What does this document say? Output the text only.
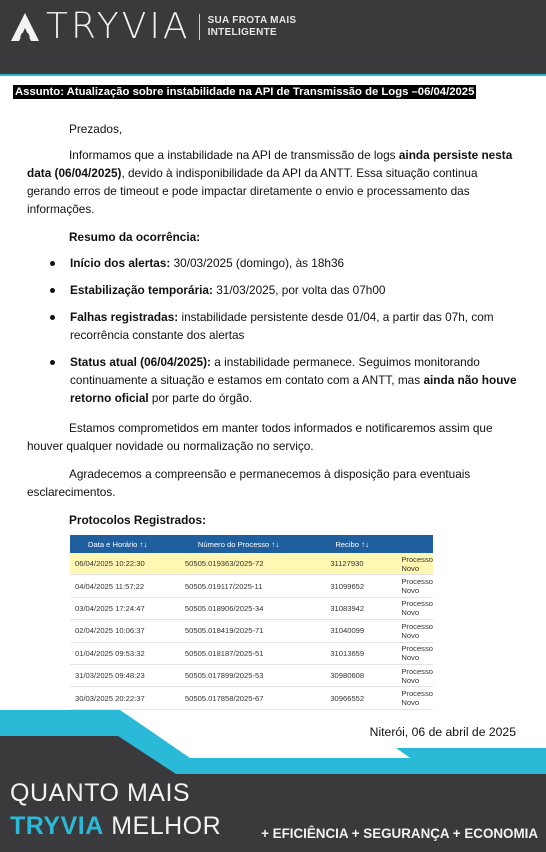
TRYVIA SUA FROTA MAIS
INTELIGENTE
Assunto: Atualização sobre instabilidade na API de Transmissão de Logs –06/04/2025
Prezados,
Informamos que a instabilidade na API de transmissão de logs ainda persiste nesta data (06/04/2025), devido à indisponibilidade da API da ANTT. Essa situação continua gerando erros de timeout e pode impactar diretamente o envio e processamento das informações.
Resumo da ocorrência:
Início dos alertas: 30/03/2025 (domingo), às 18h36
Estabilização temporária: 31/03/2025, por volta das 07h00
Falhas registradas: instabilidade persistente desde 01/04, a partir das 07h, com recorrência constante dos alertas
Status atual (06/04/2025): a instabilidade permanece. Seguimos monitorando continuamente a situação e estamos em contato com a ANTT, mas ainda não houve retorno oficial por parte do órgão.
Estamos comprometidos em manter todos informados e notificaremos assim que houver qualquer novidade ou normalização no serviço.
Agradecemos a compreensão e permanecemos à disposição para eventuais esclarecimentos.
Protocolos Registrados:
Data e Horário ↑↓	Número do Processo ↑↓	Recibo ↑↓	
06/04/2025 10:22:30	50505.019363/2025-72	31127930	Processo Novo
04/04/2025 11:57:22	50505.019117/2025-11	31099652	Processo Novo
03/04/2025 17:24:47	50505.018906/2025-34	31083942	Processo Novo
02/04/2025 10:06:37	50505.018419/2025-71	31040099	Processo Novo
01/04/2025 09:53:32	50505.018187/2025-51	31013659	Processo Novo
31/03/2025 09:48:23	50505.017899/2025-53	30980608	Processo Novo
30/03/2025 20:22:37	50505.017858/2025-67	30966552	Processo Novo
Niterói, 06 de abril de 2025
QUANTO MAIS
TRYVIA MELHOR	+ EFICIÊNCIA + SEGURANÇA + ECONOMIA
